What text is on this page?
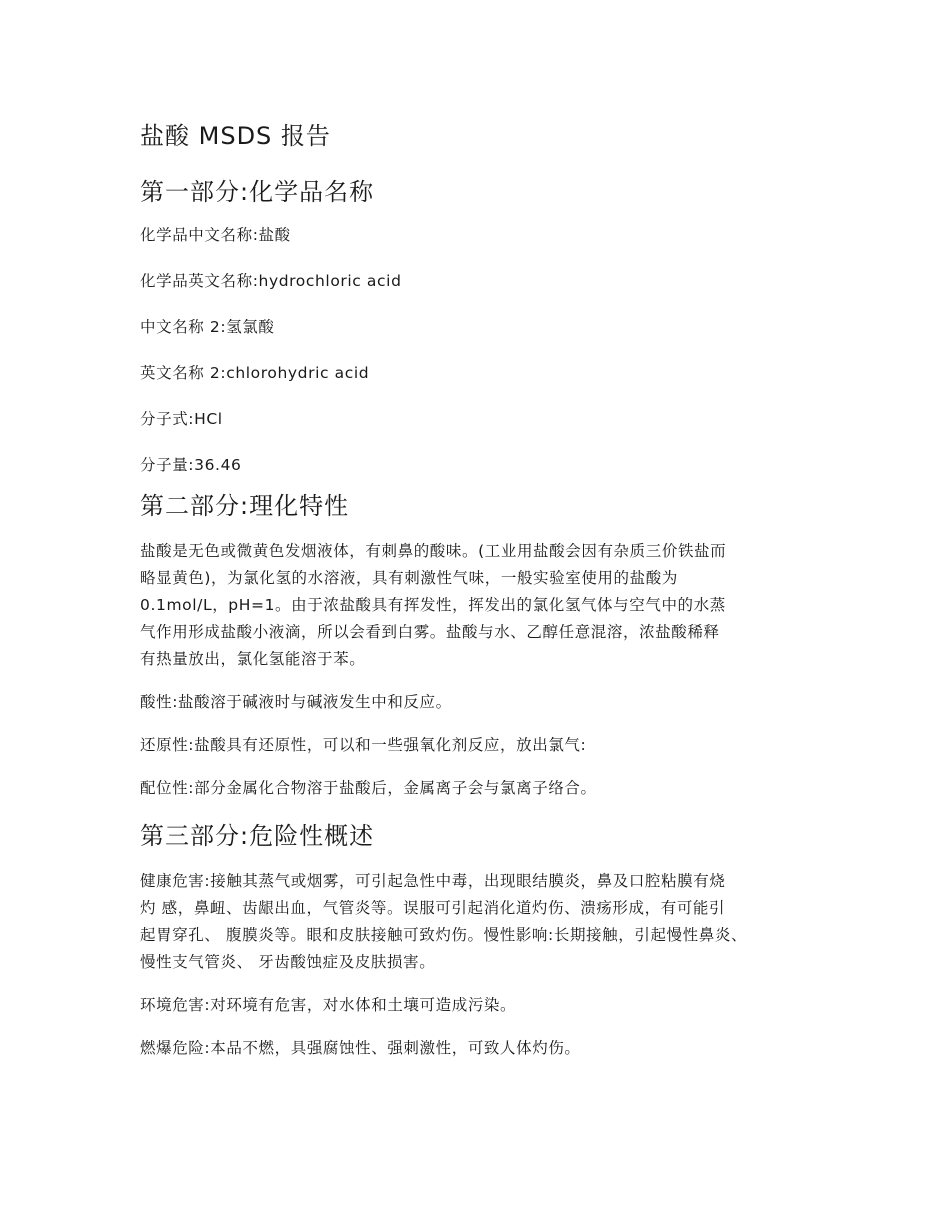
盐酸 MSDS 报告
第一部分:化学品名称

化学品中文名称:盐酸

化学品英文名称:hydrochloric acid

中文名称 2:氢氯酸

英文名称 2:chlorohydric acid

分子式:HCl

分子量:36.46

第二部分:理化特性
盐酸是无色或微黄色发烟液体，有刺鼻的酸味。(工业用盐酸会因有杂质三价铁盐而
略显黄色)，为氯化氢的水溶液，具有刺激性气味，一般实验室使用的盐酸为
0.1mol/L，pH=1。由于浓盐酸具有挥发性，挥发出的氯化氢气体与空气中的水蒸
气作用形成盐酸小液滴，所以会看到白雾。盐酸与水、乙醇任意混溶，浓盐酸稀释
有热量放出，氯化氢能溶于苯。

酸性:盐酸溶于碱液时与碱液发生中和反应。

还原性:盐酸具有还原性，可以和一些强氧化剂反应，放出氯气:

配位性:部分金属化合物溶于盐酸后，金属离子会与氯离子络合。

第三部分:危险性概述
健康危害:接触其蒸气或烟雾，可引起急性中毒，出现眼结膜炎，鼻及口腔粘膜有烧
灼 感，鼻衄、齿龈出血，气管炎等。误服可引起消化道灼伤、溃疡形成，有可能引
起胃穿孔、 腹膜炎等。眼和皮肤接触可致灼伤。慢性影响:长期接触，引起慢性鼻炎、
慢性支气管炎、 牙齿酸蚀症及皮肤损害。

环境危害:对环境有危害，对水体和土壤可造成污染。

燃爆危险:本品不燃，具强腐蚀性、强刺激性，可致人体灼伤。
